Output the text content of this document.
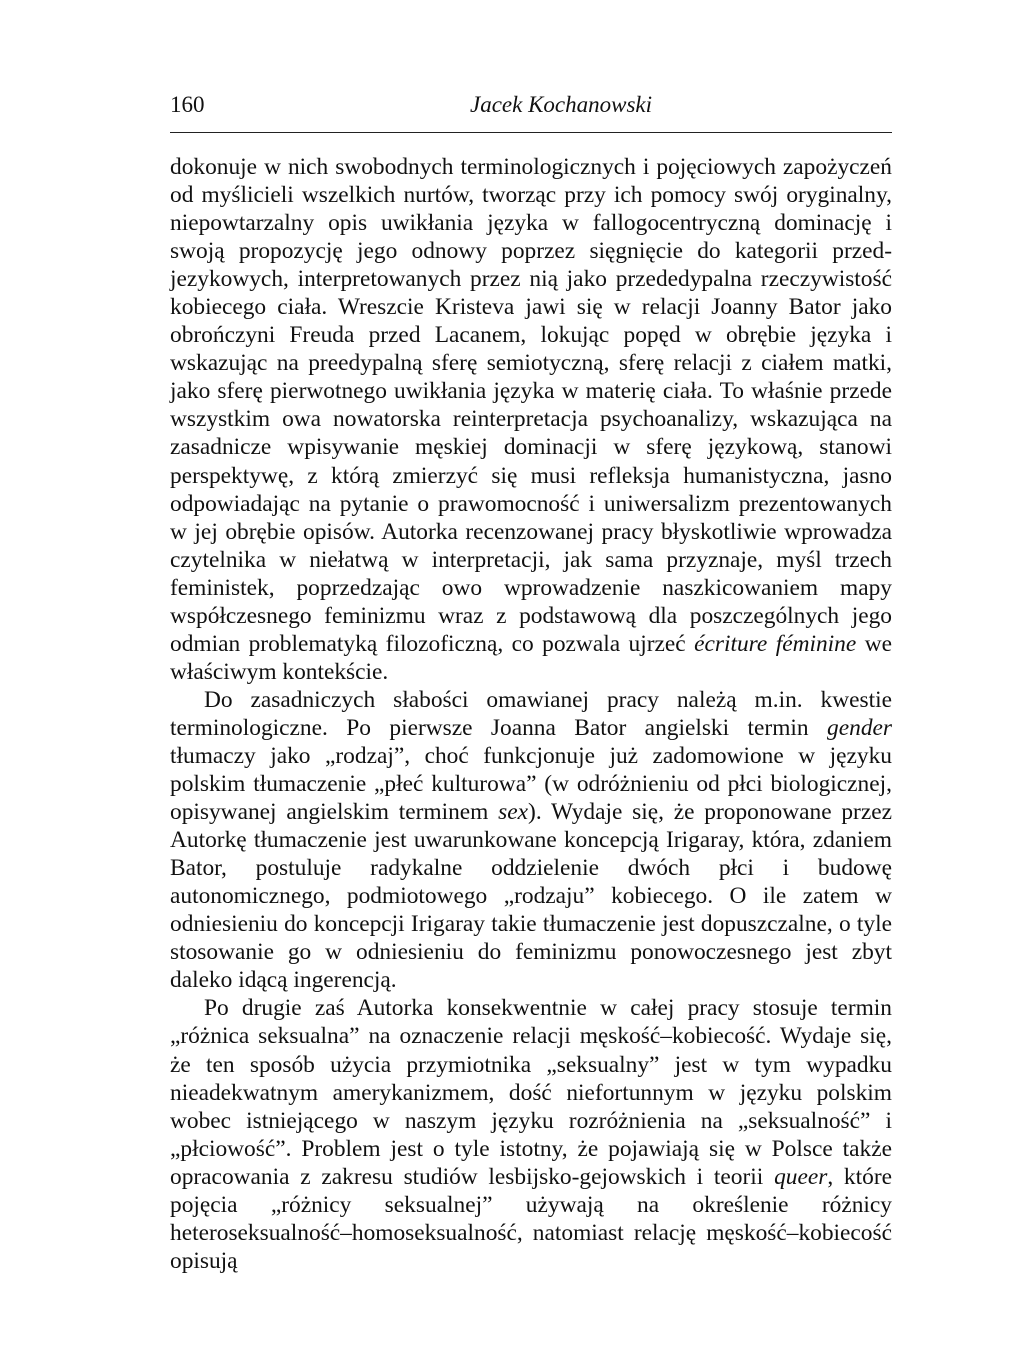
160	Jacek Kochanowski

dokonuje w nich swobodnych terminologicznych i pojęciowych zapożyczeń od myślicieli wszelkich nurtów, tworząc przy ich pomocy swój oryginalny, niepowtarzalny opis uwikłania języka w fallogocentryczną dominację i swoją propozycję jego odnowy poprzez sięgnięcie do kategorii przed-jezykowych, interpretowanych przez nią jako przededypalna rzeczywistość kobiecego ciała. Wreszcie Kristeva jawi się w relacji Joanny Bator jako obrończyni Freuda przed Lacanem, lokując popęd w obrębie języka i wskazując na preedypalną sferę semiotyczną, sferę relacji z ciałem matki, jako sferę pierwotnego uwikłania języka w materię ciała. To właśnie przede wszystkim owa nowatorska reinterpretacja psychoanalizy, wskazująca na zasadnicze wpisywanie męskiej dominacji w sferę językową, stanowi perspektywę, z którą zmierzyć się musi refleksja humanistyczna, jasno odpowiadając na pytanie o prawomocność i uniwersalizm prezentowanych w jej obrębie opisów. Autorka recenzowanej pracy błyskotliwie wprowadza czytelnika w niełatwą w interpretacji, jak sama przyznaje, myśl trzech feministek, poprzedzając owo wprowadzenie naszkicowaniem mapy współczesnego feminizmu wraz z podstawową dla poszczególnych jego odmian problematyką filozoficzną, co pozwala ujrzeć écriture féminine we właściwym kontekście.

Do zasadniczych słabości omawianej pracy należą m.in. kwestie terminologiczne. Po pierwsze Joanna Bator angielski termin gender tłumaczy jako „rodzaj”, choć funkcjonuje już zadomowione w języku polskim tłumaczenie „płeć kulturowa” (w odróżnieniu od płci biologicznej, opisywanej angielskim terminem sex). Wydaje się, że proponowane przez Autorkę tłumaczenie jest uwarunkowane koncepcją Irigaray, która, zdaniem Bator, postuluje radykalne oddzielenie dwóch płci i budowę autonomicznego, podmiotowego „rodzaju” kobiecego. O ile zatem w odniesieniu do koncepcji Irigaray takie tłumaczenie jest dopuszczalne, o tyle stosowanie go w odniesieniu do feminizmu ponowoczesnego jest zbyt daleko idącą ingerencją.

Po drugie zaś Autorka konsekwentnie w całej pracy stosuje termin „różnica seksualna” na oznaczenie relacji męskość–kobiecość. Wydaje się, że ten sposób użycia przymiotnika „seksualny” jest w tym wypadku nieadekwatnym amerykanizmem, dość niefortunnym w języku polskim wobec istniejącego w naszym języku rozróżnienia na „seksualność” i „płciowość”. Problem jest o tyle istotny, że pojawiają się w Polsce także opracowania z zakresu studiów lesbijsko-gejowskich i teorii queer, które pojęcia „różnicy seksualnej” używają na określenie różnicy heteroseksualność–homoseksualność, natomiast relację męskość–kobiecość opisują
